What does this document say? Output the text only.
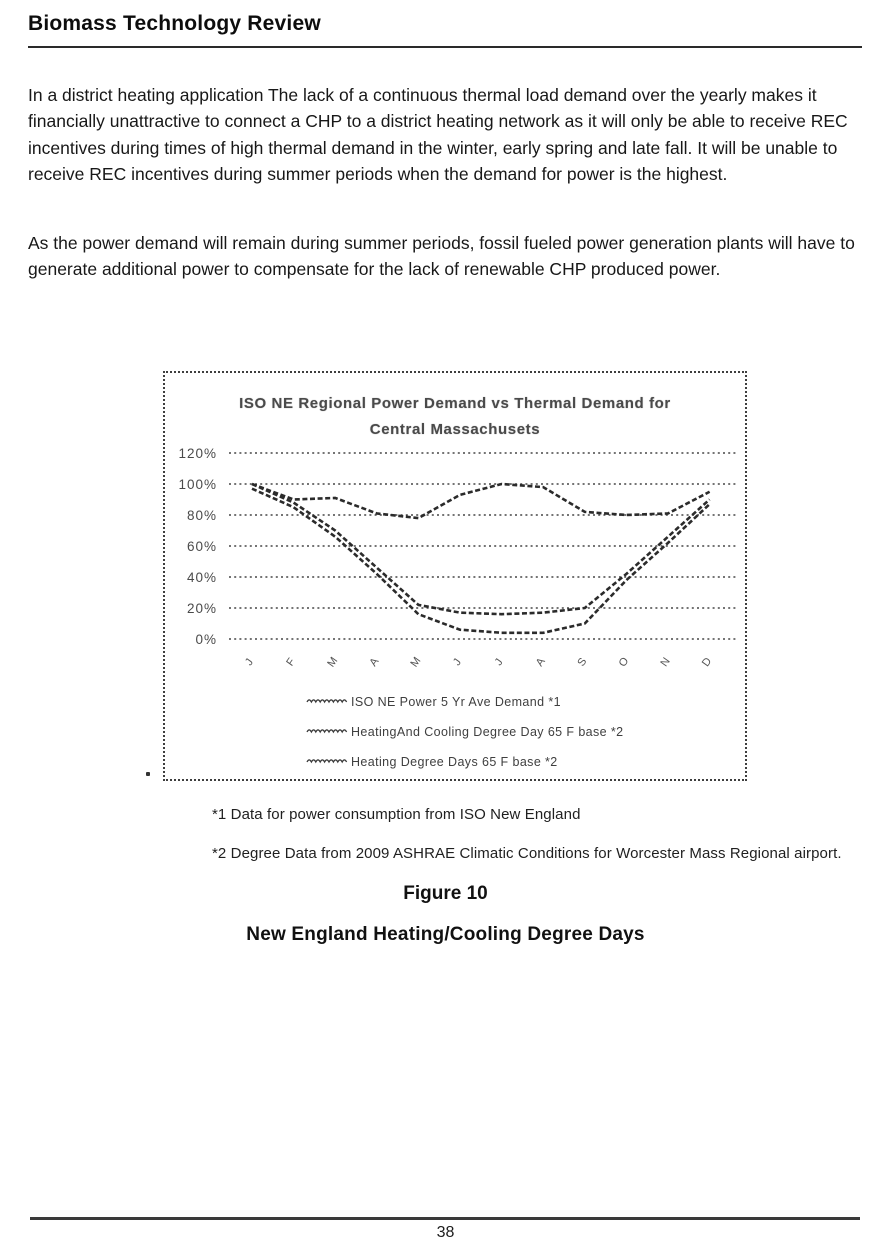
Biomass Technology Review

In a district heating application The lack of a continuous thermal load demand over the yearly makes it financially unattractive to connect a CHP to a district heating network as it will only be able to receive REC incentives during times of high thermal demand in the winter, early spring and late fall. It will be unable to receive REC incentives during summer periods when the demand for power is the highest.

As the power demand will remain during summer periods, fossil fueled power generation plants will have to generate additional power to compensate for the lack of renewable CHP produced power.

ISO NE Regional Power Demand vs Thermal Demand for
Central Massachusets
120%
100%
80%
60%
40%
20%
0%
J	F M A M	J	J	A	S O N D
ISO NE Power 5 Yr Ave Demand *1
HeatingAnd Cooling Degree Day 65 F base *2
Heating Degree Days 65 F base *2
*1 Data for power consumption from ISO New England
*2 Degree Data from 2009 ASHRAE Climatic Conditions for Worcester Mass Regional airport.
Figure 10
New England Heating/Cooling Degree Days
38
